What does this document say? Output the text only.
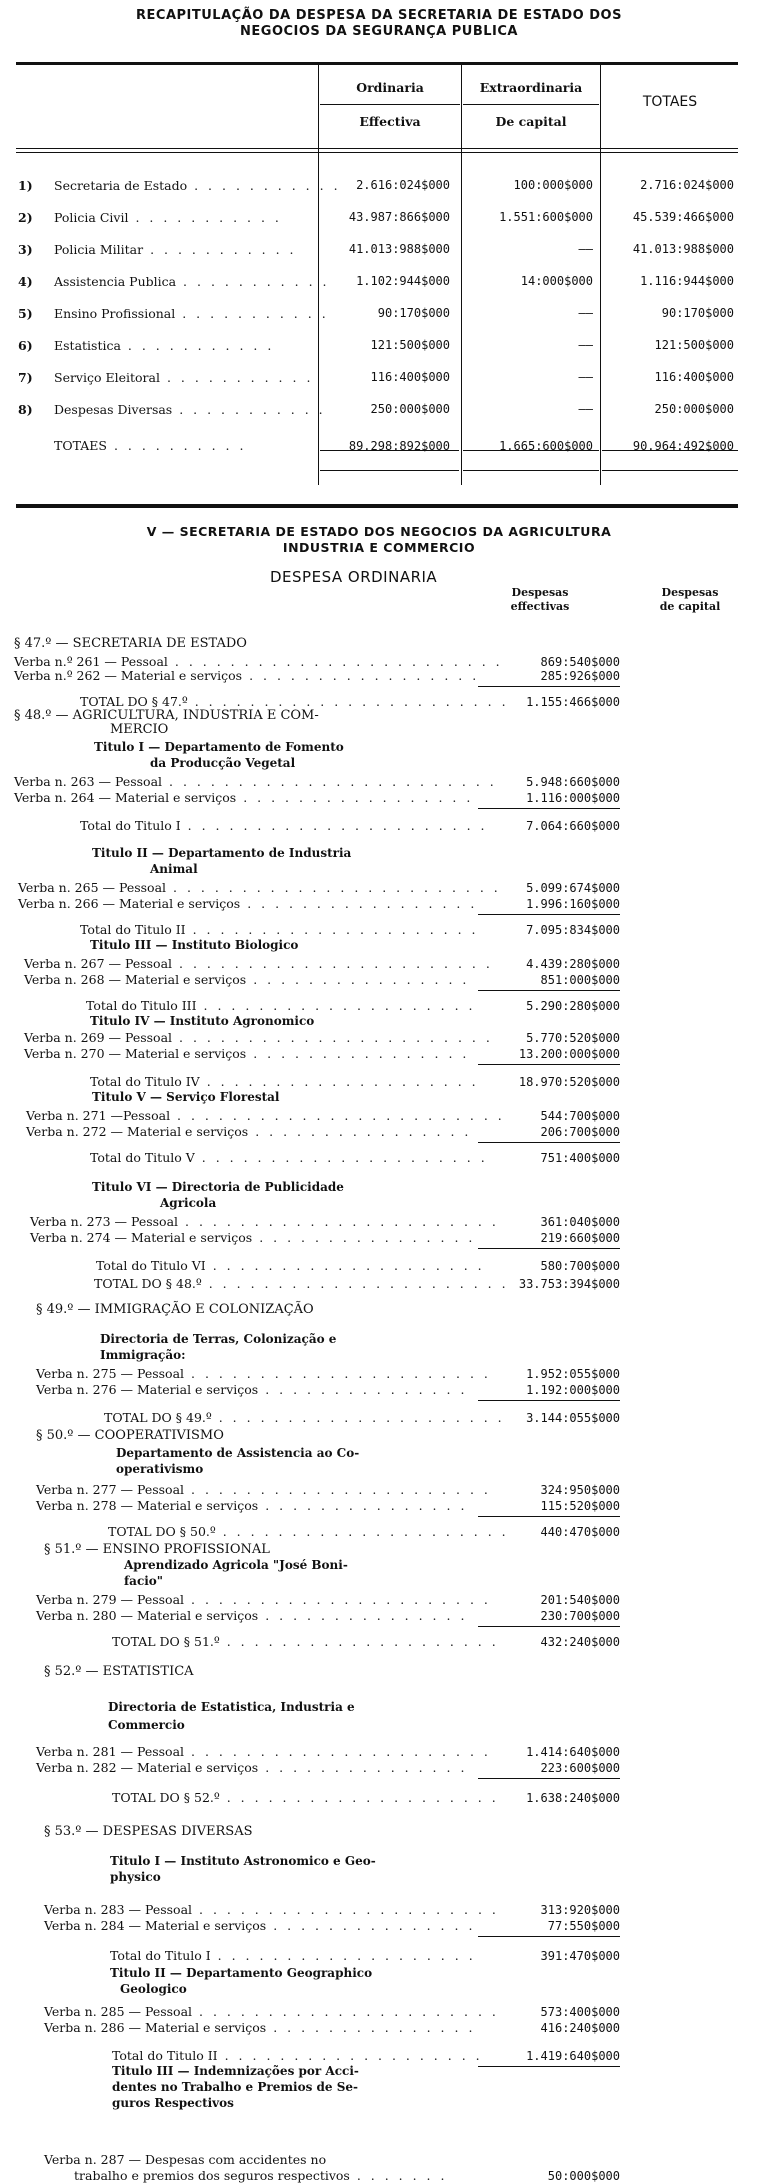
RECAPITULAÇÃO DA DESPESA DA SECRETARIA DE ESTADO DOS
NEGOCIOS DA SEGURANÇA PUBLICA
Ordinaria
Effectiva
Extraordinaria
De capital
TOTAES
1) Secretaria de Estado . . . . . . . . . . .	2.616:024$000	100:000$000	2.716:024$000
2) Policia Civil . . . . . . . . . . .	43.987:866$000	1.551:600$000	45.539:466$000
3) Policia Militar . . . . . . . . . . .	41.013:988$000	——	41.013:988$000
4) Assistencia Publica . . . . . . . . . . .	1.102:944$000	14:000$000	1.116:944$000
5) Ensino Profissional . . . . . . . . . . .	90:170$000	——	90:170$000
6) Estatistica . . . . . . . . . . .	121:500$000	——	121:500$000
7) Serviço Eleitoral . . . . . . . . . . .	116:400$000	——	116:400$000
8) Despesas Diversas . . . . . . . . . . .	250:000$000	——	250:000$000
TOTAES . . . . . . . . . .	89.298:892$000	1.665:600$000	90.964:492$000
V — SECRETARIA DE ESTADO DOS NEGOCIOS DA AGRICULTURA
INDUSTRIA E COMMERCIO
DESPESA ORDINARIA
Despesas
effectivas
Despesas
de capital
§ 47.º — SECRETARIA DE ESTADO
Verba n.º 261 — Pessoal . . . . . . . . . . . . . . . . . . . . . . . .	869:540$000
Verba n.º 262 — Material e serviços . . . . . . . . . . . . . . . . .	285:926$000
TOTAL DO § 47.º . . . . . . . . . . . . . . . . . . . . . . .	1.155:466$000
§ 48.º — AGRICULTURA, INDUSTRIA E COM-
MERCIO
Titulo I — Departamento de Fomento
da Producção Vegetal
Verba n. 263 — Pessoal . . . . . . . . . . . . . . . . . . . . . . . .	5.948:660$000
Verba n. 264 — Material e serviços . . . . . . . . . . . . . . . . .	1.116:000$000
Total do Titulo I . . . . . . . . . . . . . . . . . . . . . .	7.064:660$000
Titulo II — Departamento de Industria
Animal
Verba n. 265 — Pessoal . . . . . . . . . . . . . . . . . . . . . . . .	5.099:674$000
Verba n. 266 — Material e serviços . . . . . . . . . . . . . . . . .	1.996:160$000
Total do Titulo II . . . . . . . . . . . . . . . . . . . . .	7.095:834$000
Titulo III — Instituto Biologico
Verba n. 267 — Pessoal . . . . . . . . . . . . . . . . . . . . . . .	4.439:280$000
Verba n. 268 — Material e serviços . . . . . . . . . . . . . . . .	851:000$000
Total do Titulo III . . . . . . . . . . . . . . . . . . . .	5.290:280$000
Titulo IV — Instituto Agronomico
Verba n. 269 — Pessoal . . . . . . . . . . . . . . . . . . . . . . .	5.770:520$000
Verba n. 270 — Material e serviços . . . . . . . . . . . . . . . .	13.200:000$000
Total do Titulo IV . . . . . . . . . . . . . . . . . . . .	18.970:520$000
Titulo V — Serviço Florestal
Verba n. 271 —Pessoal . . . . . . . . . . . . . . . . . . . . . . . .	544:700$000
Verba n. 272 — Material e serviços . . . . . . . . . . . . . . . .	206:700$000
Total do Titulo V . . . . . . . . . . . . . . . . . . . . .	751:400$000
Titulo VI — Directoria de Publicidade
Agricola
Verba n. 273 — Pessoal . . . . . . . . . . . . . . . . . . . . . . .	361:040$000
Verba n. 274 — Material e serviços . . . . . . . . . . . . . . . .	219:660$000
Total do Titulo VI . . . . . . . . . . . . . . . . . . . .	580:700$000
TOTAL DO § 48.º . . . . . . . . . . . . . . . . . . . . . . 33.753:394$000
§ 49.º — IMMIGRAÇÃO E COLONIZAÇÃO
Directoria de Terras, Colonização e
Immigração:
Verba n. 275 — Pessoal . . . . . . . . . . . . . . . . . . . . . .	1.952:055$000
Verba n. 276 — Material e serviços . . . . . . . . . . . . . . .	1.192:000$000
TOTAL DO § 49.º . . . . . . . . . . . . . . . . . . . . .	3.144:055$000
§ 50.º — COOPERATIVISMO
Departamento de Assistencia ao Co-
operativismo
Verba n. 277 — Pessoal . . . . . . . . . . . . . . . . . . . . . .	324:950$000
Verba n. 278 — Material e serviços . . . . . . . . . . . . . . .	115:520$000
TOTAL DO § 50.º . . . . . . . . . . . . . . . . . . . . .	440:470$000
§ 51.º — ENSINO PROFISSIONAL
Aprendizado Agricola "José Boni-
facio"
Verba n. 279 — Pessoal . . . . . . . . . . . . . . . . . . . . . .	201:540$000
Verba n. 280 — Material e serviços . . . . . . . . . . . . . . .	230:700$000
TOTAL DO § 51.º . . . . . . . . . . . . . . . . . . . .	432:240$000
§ 52.º — ESTATISTICA
Directoria de Estatistica, Industria e
Commercio
Verba n. 281 — Pessoal . . . . . . . . . . . . . . . . . . . . . .	1.414:640$000
Verba n. 282 — Material e serviços . . . . . . . . . . . . . . .	223:600$000
TOTAL DO § 52.º . . . . . . . . . . . . . . . . . . . .	1.638:240$000
§ 53.º — DESPESAS DIVERSAS
Titulo I — Instituto Astronomico e Geo-
physico
Verba n. 283 — Pessoal . . . . . . . . . . . . . . . . . . . . . .	313:920$000
Verba n. 284 — Material e serviços . . . . . . . . . . . . . . .	77:550$000
Total do Titulo I . . . . . . . . . . . . . . . . . . .	391:470$000
Titulo II — Departamento Geographico
Geologico
Verba n. 285 — Pessoal . . . . . . . . . . . . . . . . . . . . . .	573:400$000
Verba n. 286 — Material e serviços . . . . . . . . . . . . . . .	416:240$000
Total do Titulo II . . . . . . . . . . . . . . . . . . .	1.419:640$000
Titulo III — Indemnizações por Acci-
dentes no Trabalho e Premios de Se-
guros Respectivos
Verba n. 287 — Despesas com accidentes no
trabalho e premios dos seguros respectivos . . . . . . .	50:000$000
